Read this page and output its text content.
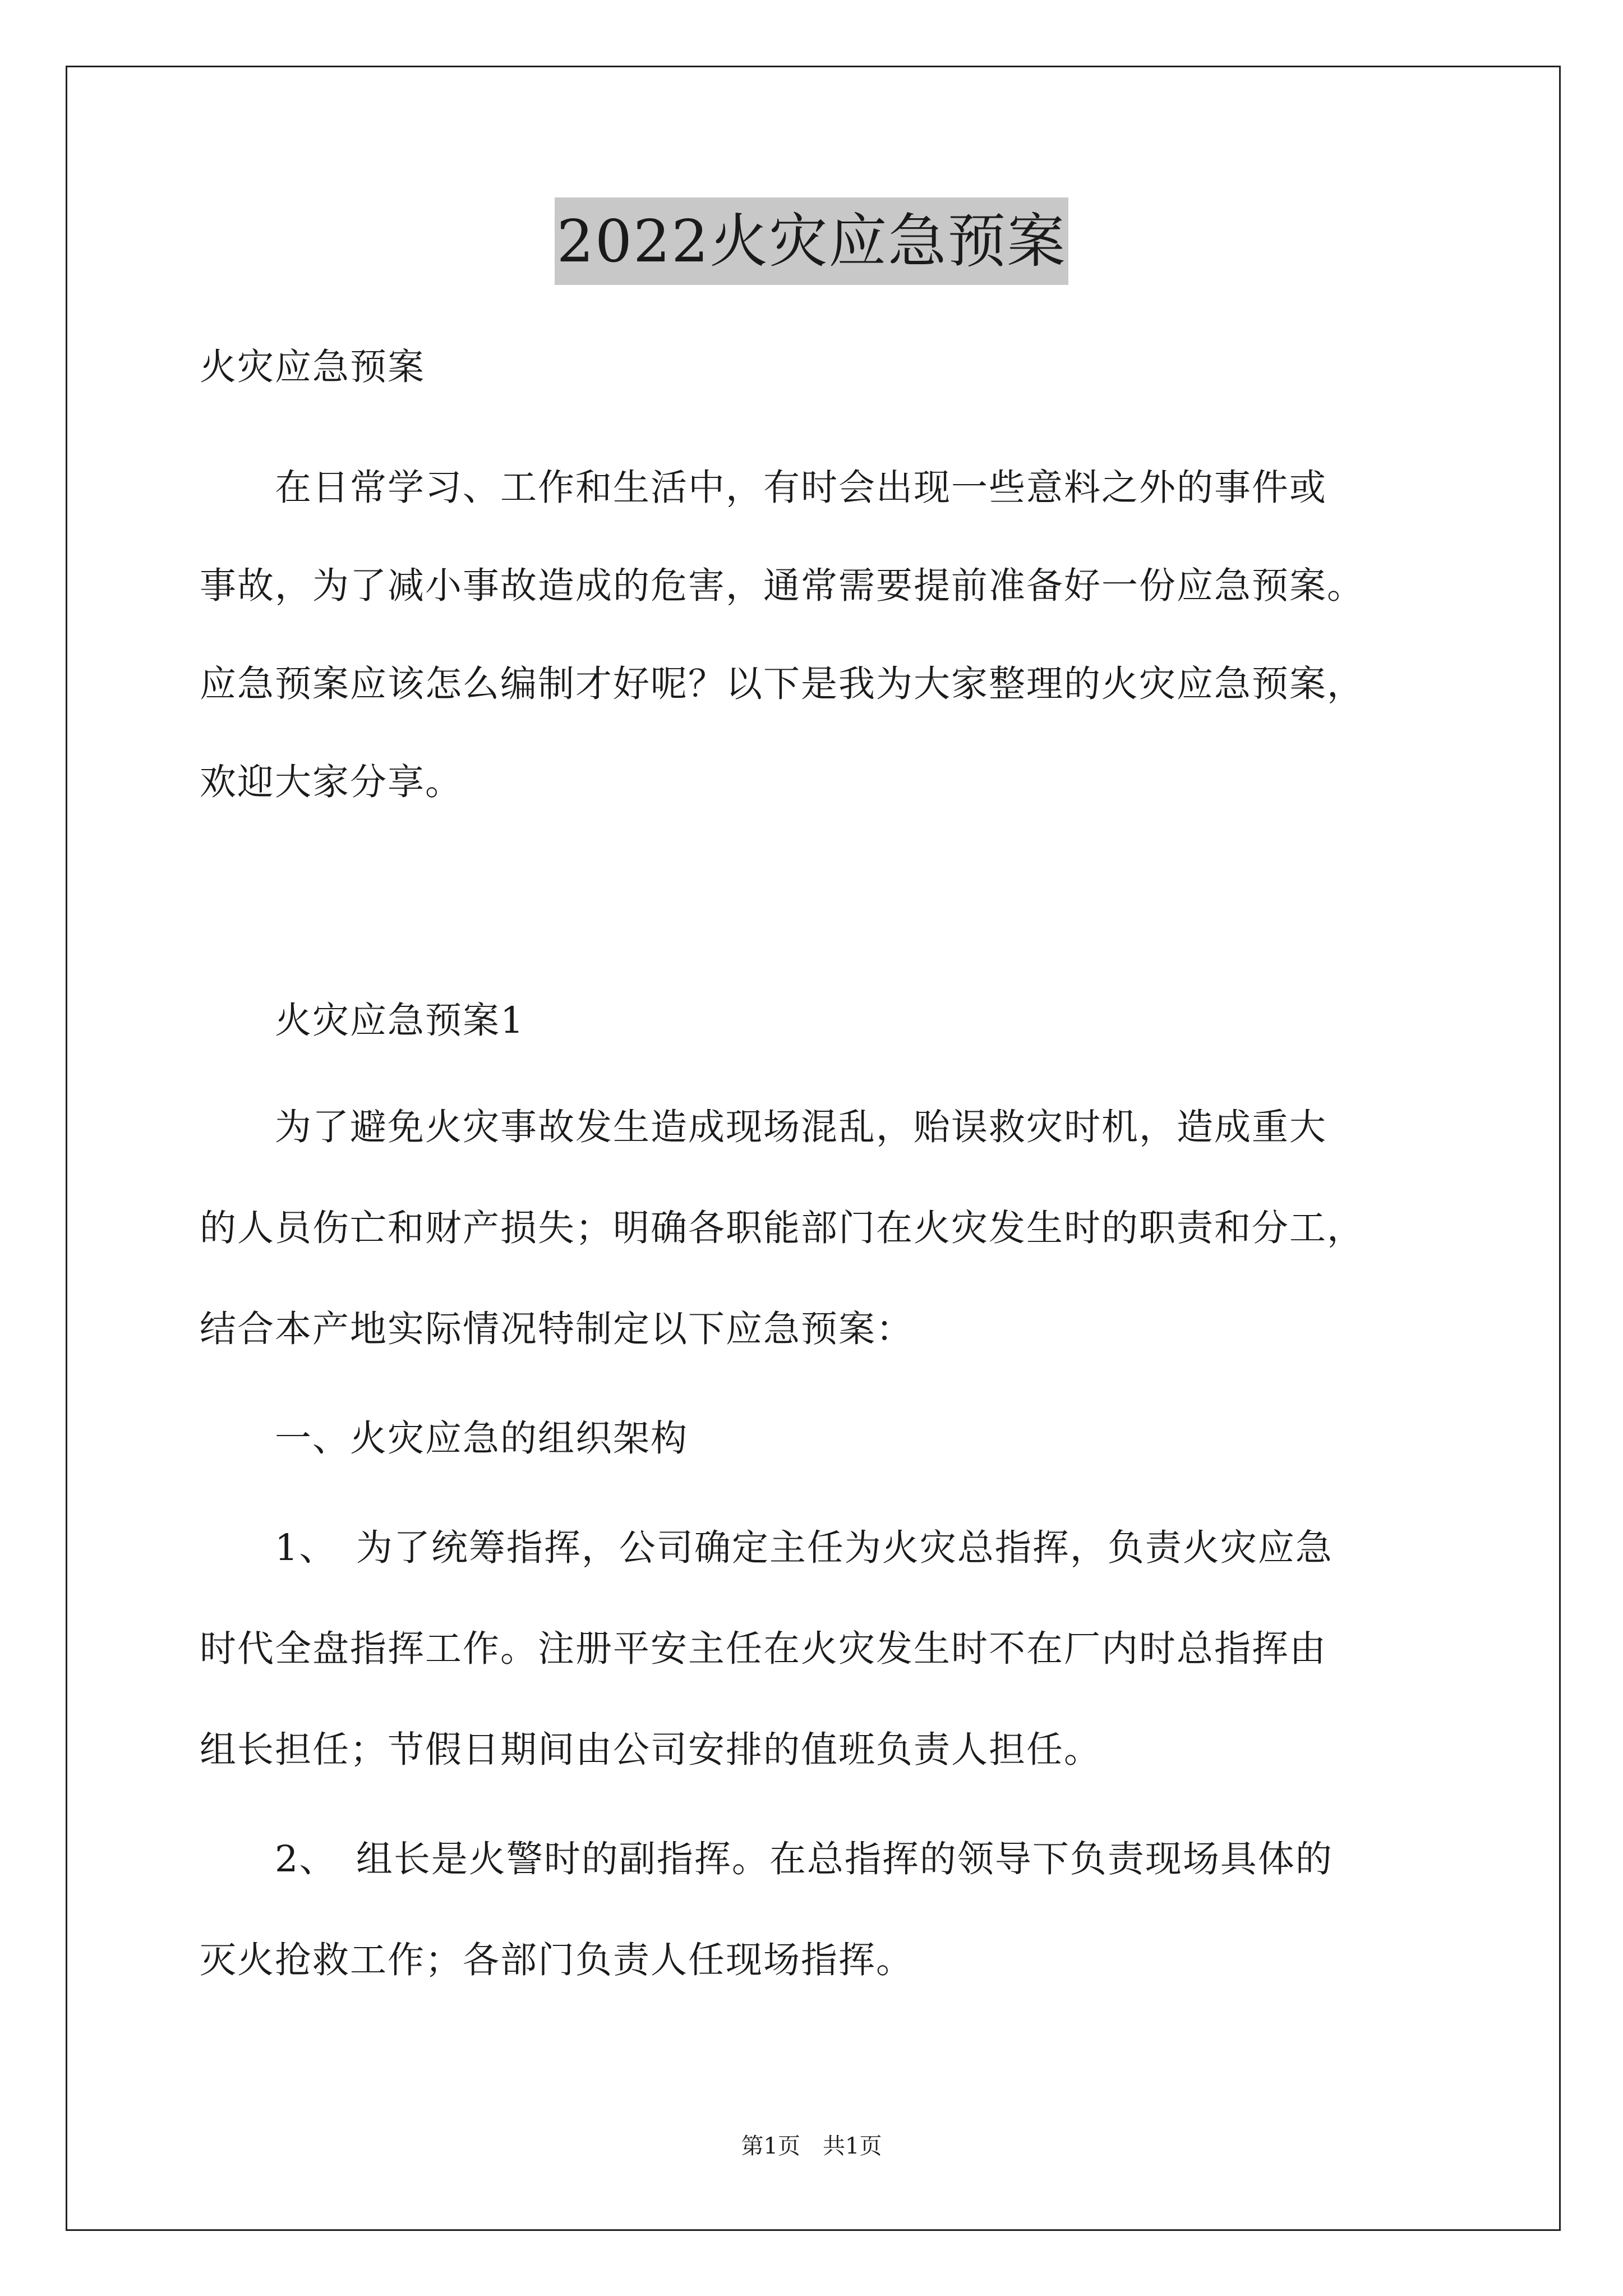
2022火灾应急预案

火灾应急预案

　　在日常学习、工作和生活中，有时会出现一些意料之外的事件或

事故，为了减小事故造成的危害，通常需要提前准备好一份应急预案。

应急预案应该怎么编制才好呢？以下是我为大家整理的火灾应急预案，

欢迎大家分享。

　　火灾应急预案1

　　为了避免火灾事故发生造成现场混乱，贻误救灾时机，造成重大

的人员伤亡和财产损失；明确各职能部门在火灾发生时的职责和分工，

结合本产地实际情况特制定以下应急预案：

　　一、火灾应急的组织架构

　　1、　为了统筹指挥，公司确定主任为火灾总指挥，负责火灾应急

时代全盘指挥工作。注册平安主任在火灾发生时不在厂内时总指挥由

组长担任；节假日期间由公司安排的值班负责人担任。

　　2、　组长是火警时的副指挥。在总指挥的领导下负责现场具体的

灭火抢救工作；各部门负责人任现场指挥。

第1页　共1页
